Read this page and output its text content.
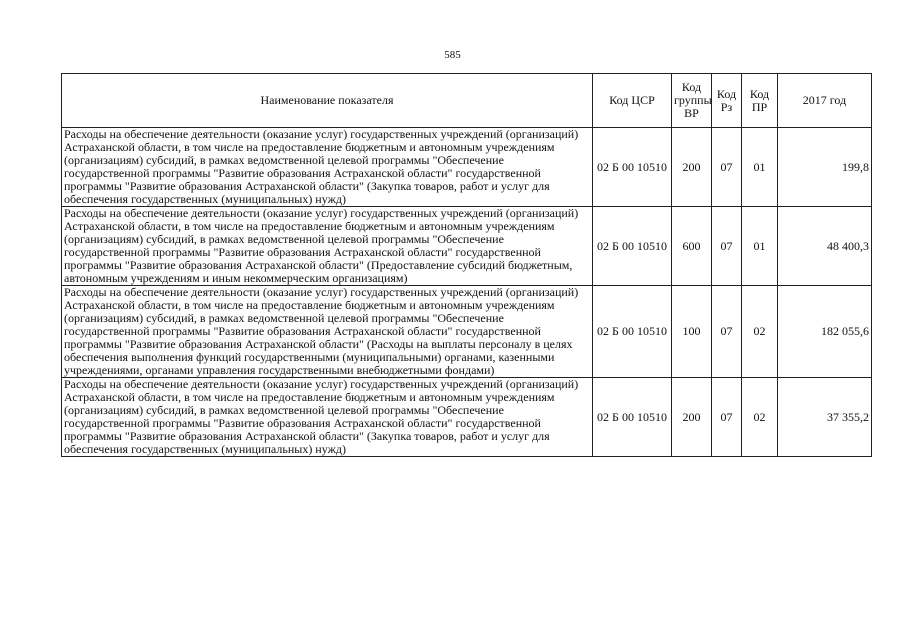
585
Наименование показателя	Код ЦСР	Код группы ВР	Код Рз	Код ПР	2017 год
Расходы на обеспечение деятельности (оказание услуг) государственных учреждений (организаций) Астраханской области, в том числе на предоставление бюджетным и автономным учреждениям (организациям) субсидий, в рамках ведомственной целевой программы "Обеспечение государственной программы "Развитие образования Астраханской области" государственной программы "Развитие образования Астраханской области" (Закупка товаров, работ и услуг для обеспечения государственных (муниципальных) нужд)	02 Б 00 10510	200	07	01	199,8
Расходы на обеспечение деятельности (оказание услуг) государственных учреждений (организаций) Астраханской области, в том числе на предоставление бюджетным и автономным учреждениям (организациям) субсидий, в рамках ведомственной целевой программы "Обеспечение государственной программы "Развитие образования Астраханской области" государственной программы "Развитие образования Астраханской области" (Предоставление субсидий бюджетным, автономным учреждениям и иным некоммерческим организациям)	02 Б 00 10510	600	07	01	48 400,3
Расходы на обеспечение деятельности (оказание услуг) государственных учреждений (организаций) Астраханской области, в том числе на предоставление бюджетным и автономным учреждениям (организациям) субсидий, в рамках ведомственной целевой программы "Обеспечение государственной программы "Развитие образования Астраханской области" государственной программы "Развитие образования Астраханской области" (Расходы на выплаты персоналу в целях обеспечения выполнения функций государственными (муниципальными) органами, казенными учреждениями, органами управления государственными внебюджетными фондами)	02 Б 00 10510	100	07	02	182 055,6
Расходы на обеспечение деятельности (оказание услуг) государственных учреждений (организаций) Астраханской области, в том числе на предоставление бюджетным и автономным учреждениям (организациям) субсидий, в рамках ведомственной целевой программы "Обеспечение государственной программы "Развитие образования Астраханской области" государственной программы "Развитие образования Астраханской области" (Закупка товаров, работ и услуг для обеспечения государственных (муниципальных) нужд)	02 Б 00 10510	200	07	02	37 355,2
